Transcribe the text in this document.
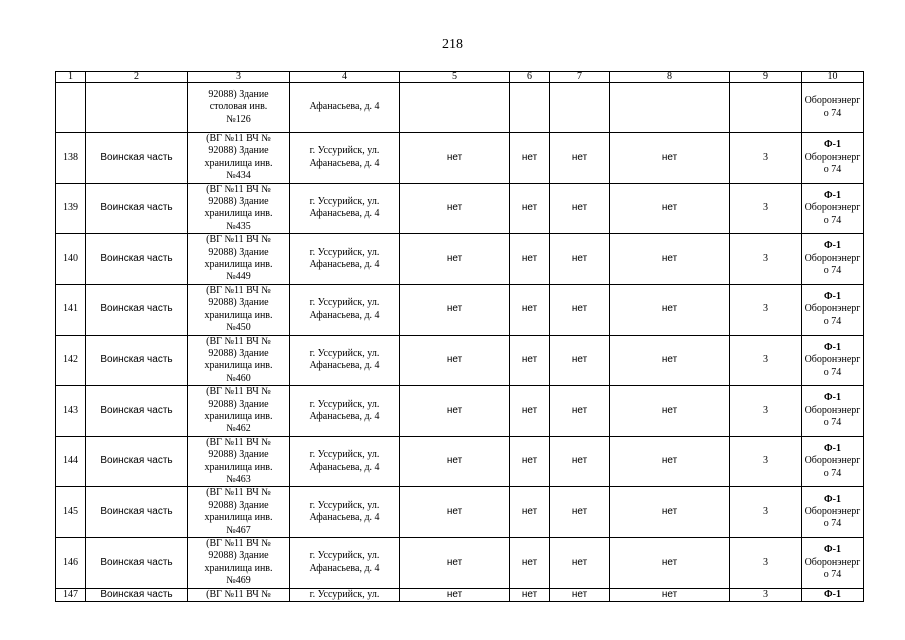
218
1	2	3	4	5	6	7	8	9	10

		92088) Здание
столовая инв.
№126	Афанасьева, д. 4						Оборонэнерг
о 74

138	Воинская часть	(ВГ №11 ВЧ №
92088) Здание
хранилища инв.
№434	г. Уссурийск, ул.
Афанасьева, д. 4	нет	нет	нет	нет	3	Ф-1
Оборонэнерг
о 74

139	Воинская часть	(ВГ №11 ВЧ №
92088) Здание
хранилища инв.
№435	г. Уссурийск, ул.
Афанасьева, д. 4	нет	нет	нет	нет	3	Ф-1
Оборонэнерг
о 74

140	Воинская часть	(ВГ №11 ВЧ №
92088) Здание
хранилища инв.
№449	г. Уссурийск, ул.
Афанасьева, д. 4	нет	нет	нет	нет	3	Ф-1
Оборонэнерг
о 74

141	Воинская часть	(ВГ №11 ВЧ №
92088) Здание
хранилища инв.
№450	г. Уссурийск, ул.
Афанасьева, д. 4	нет	нет	нет	нет	3	Ф-1
Оборонэнерг
о 74

142	Воинская часть	(ВГ №11 ВЧ №
92088) Здание
хранилища инв.
№460	г. Уссурийск, ул.
Афанасьева, д. 4	нет	нет	нет	нет	3	Ф-1
Оборонэнерг
о 74

143	Воинская часть	(ВГ №11 ВЧ №
92088) Здание
хранилища инв.
№462	г. Уссурийск, ул.
Афанасьева, д. 4	нет	нет	нет	нет	3	Ф-1
Оборонэнерг
о 74

144	Воинская часть	(ВГ №11 ВЧ №
92088) Здание
хранилища инв.
№463	г. Уссурийск, ул.
Афанасьева, д. 4	нет	нет	нет	нет	3	Ф-1
Оборонэнерг
о 74

145	Воинская часть	(ВГ №11 ВЧ №
92088) Здание
хранилища инв.
№467	г. Уссурийск, ул.
Афанасьева, д. 4	нет	нет	нет	нет	3	Ф-1
Оборонэнерг
о 74

146	Воинская часть	(ВГ №11 ВЧ №
92088) Здание
хранилища инв.
№469	г. Уссурийск, ул.
Афанасьева, д. 4	нет	нет	нет	нет	3	Ф-1
Оборонэнерг
о 74

147	Воинская часть	(ВГ №11 ВЧ №	г. Уссурийск, ул.	нет	нет	нет	нет	3	Ф-1
